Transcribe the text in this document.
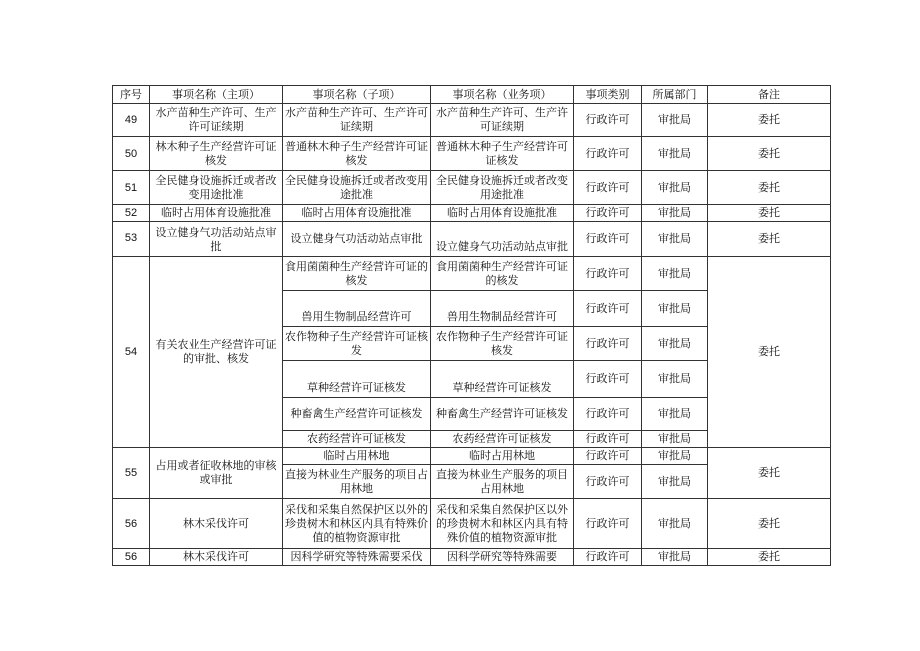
序号	事项名称（主项）	事项名称（子项）	事项名称（业务项）	事项类别	所属部门	备注
49	水产苗种生产许可、生产许可证续期	水产苗种生产许可、生产许可证续期	水产苗种生产许可、生产许可证续期	行政许可	审批局	委托
50	林木种子生产经营许可证核发	普通林木种子生产经营许可证核发	普通林木种子生产经营许可证核发	行政许可	审批局	委托
51	全民健身设施拆迁或者改变用途批准	全民健身设施拆迁或者改变用途批准	全民健身设施拆迁或者改变用途批准	行政许可	审批局	委托
52	临时占用体育设施批准	临时占用体育设施批准	临时占用体育设施批准	行政许可	审批局	委托
53	设立健身气功活动站点审批	设立健身气功活动站点审批	设立健身气功活动站点审批	行政许可	审批局	委托
54	有关农业生产经营许可证的审批、核发	食用菌菌种生产经营许可证的核发	食用菌菌种生产经营许可证的核发	行政许可	审批局	委托
		兽用生物制品经营许可	兽用生物制品经营许可	行政许可	审批局	
		农作物种子生产经营许可证核发	农作物种子生产经营许可证核发	行政许可	审批局	
		草种经营许可证核发	草种经营许可证核发	行政许可	审批局	
		种畜禽生产经营许可证核发	种畜禽生产经营许可证核发	行政许可	审批局	
		农药经营许可证核发	农药经营许可证核发	行政许可	审批局	
55	占用或者征收林地的审核或审批	临时占用林地	临时占用林地	行政许可	审批局	委托
		直接为林业生产服务的项目占用林地	直接为林业生产服务的项目占用林地	行政许可	审批局	
56	林木采伐许可	采伐和采集自然保护区以外的珍贵树木和林区内具有特殊价值的植物资源审批	采伐和采集自然保护区以外的珍贵树木和林区内具有特殊价值的植物资源审批	行政许可	审批局	委托
56	林木采伐许可	因科学研究等特殊需要采伐	因科学研究等特殊需要	行政许可	审批局	委托
